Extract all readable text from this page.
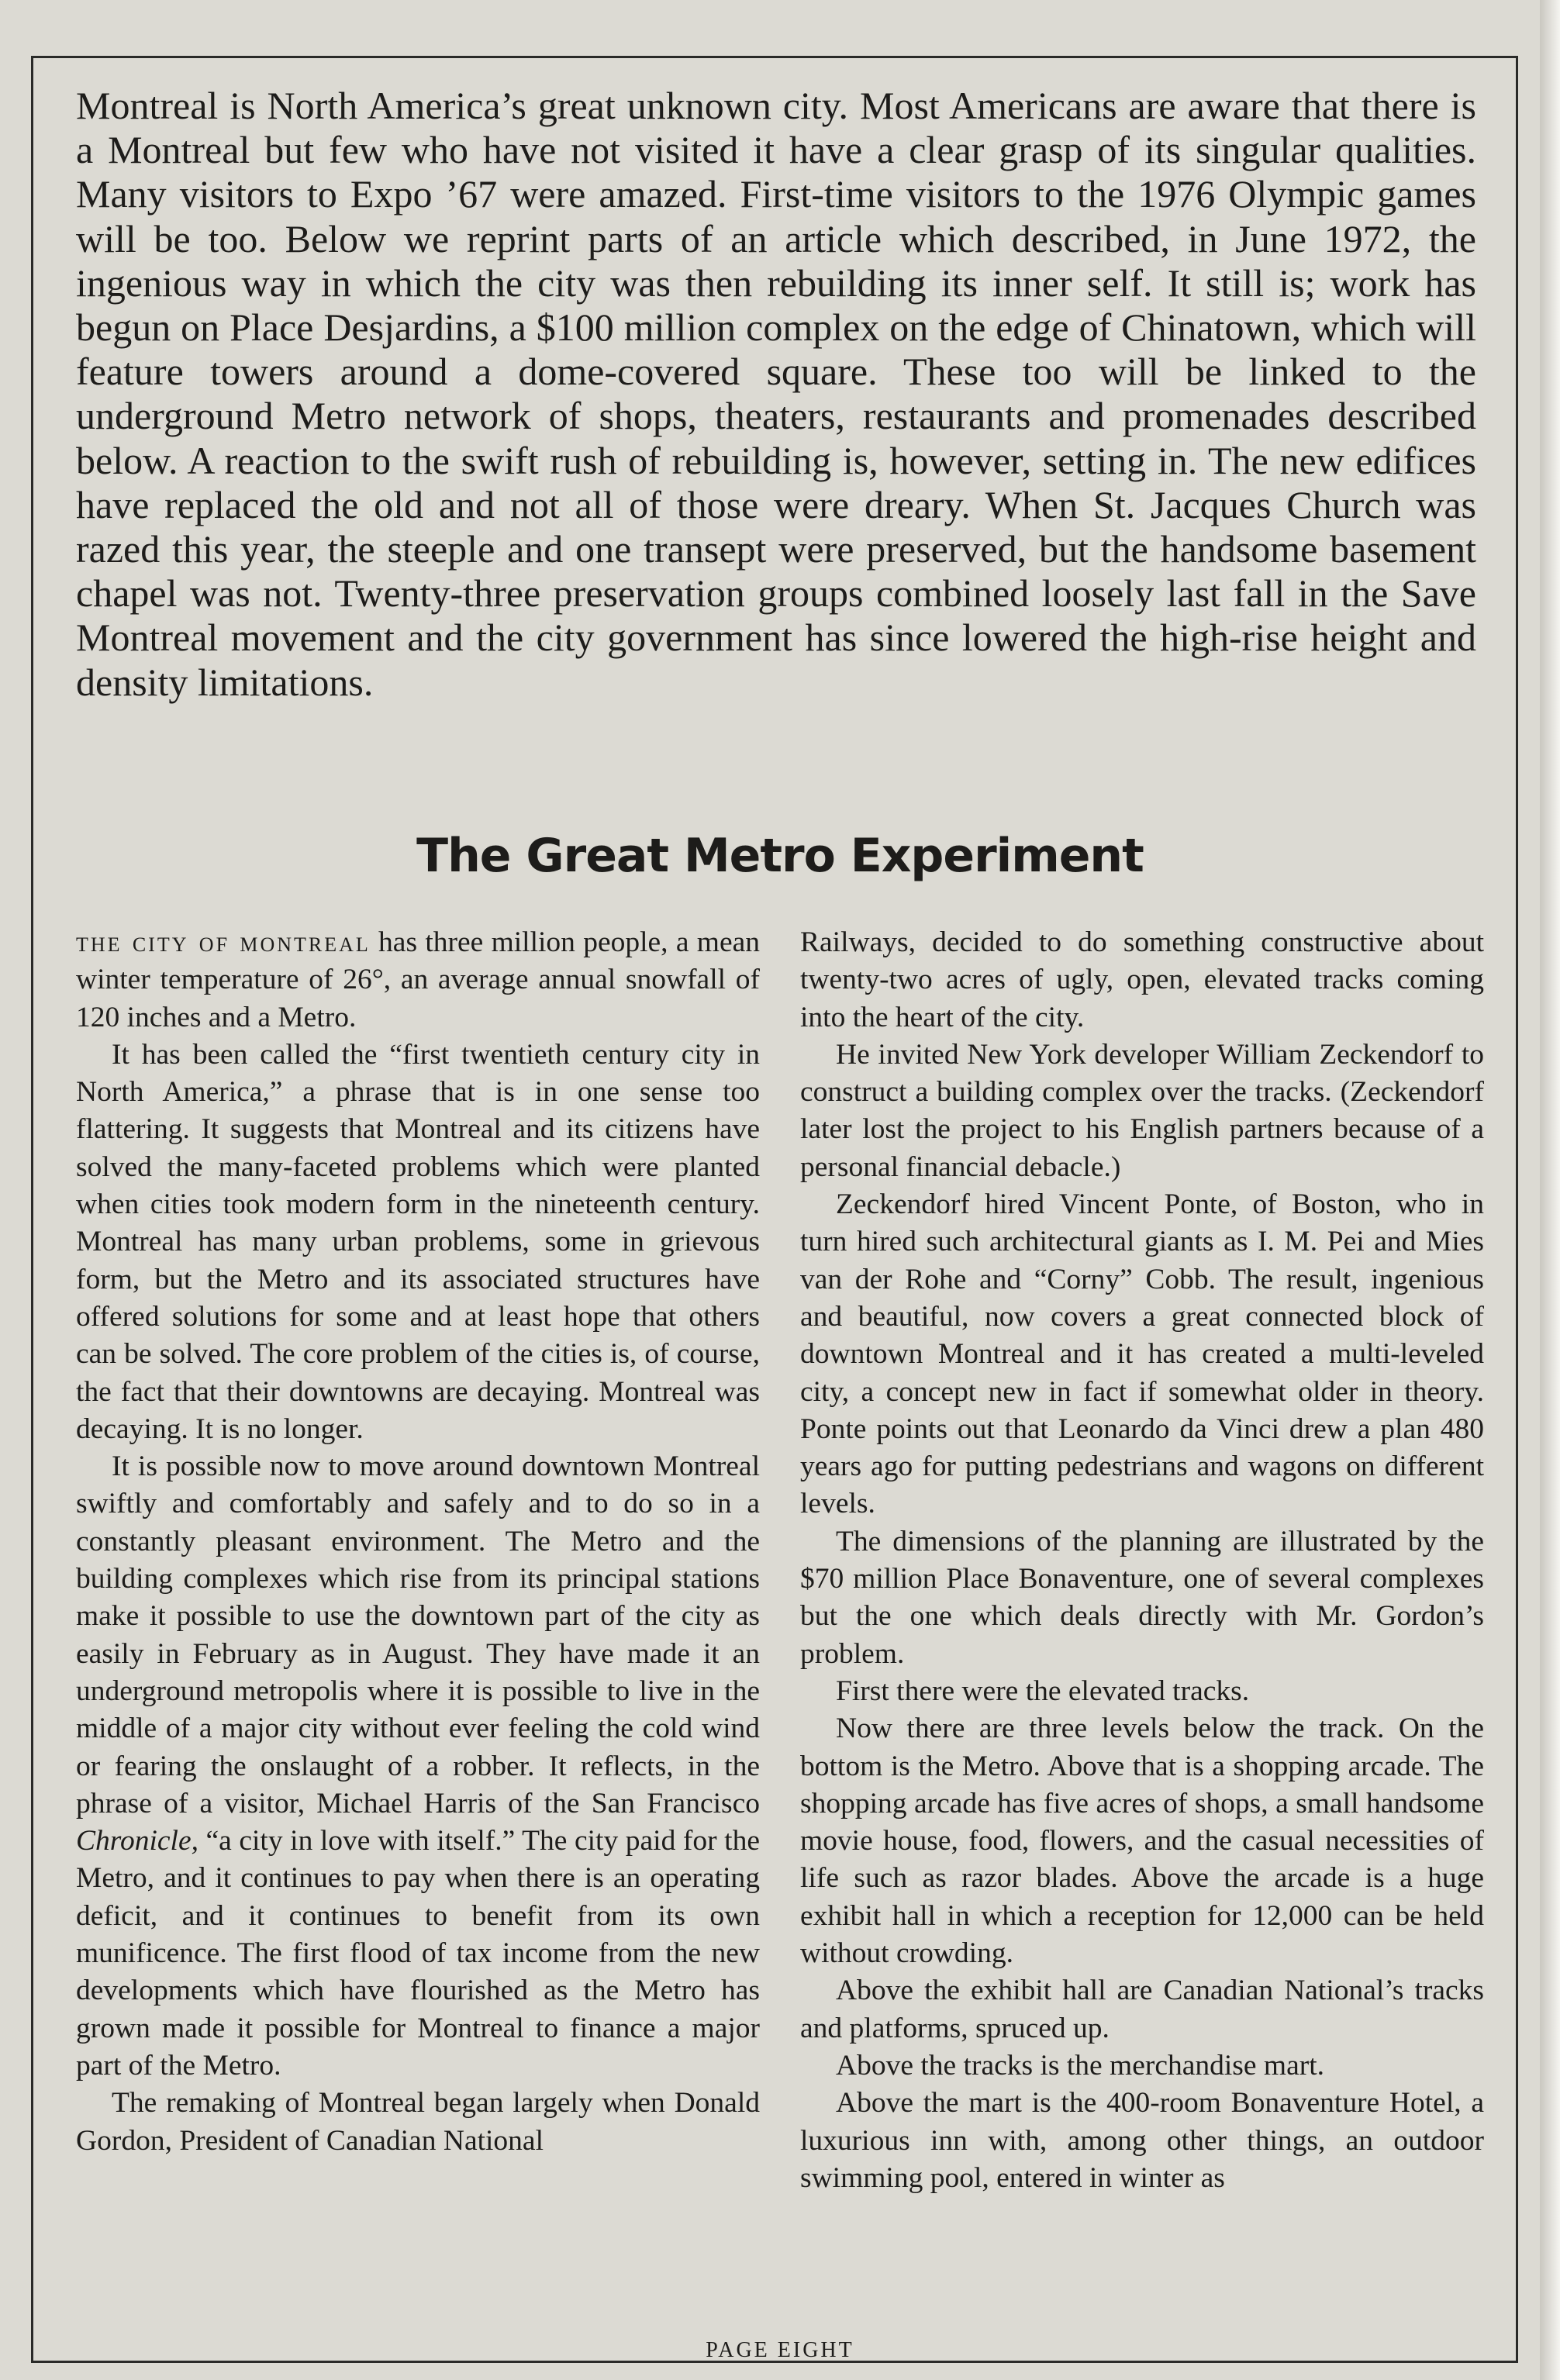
Montreal is North America’s great unknown city. Most Americans are aware that there is a Montreal but few who have not visited it have a clear grasp of its singular qualities. Many visitors to Expo ’67 were amazed. First-time visitors to the 1976 Olympic games will be too. Below we reprint parts of an article which described, in June 1972, the ingenious way in which the city was then rebuilding its inner self. It still is; work has begun on Place Desjardins, a $100 million complex on the edge of Chinatown, which will feature towers around a dome-covered square. These too will be linked to the underground Metro network of shops, theaters, restaurants and promenades described below. A reaction to the swift rush of rebuilding is, however, setting in. The new edifices have replaced the old and not all of those were dreary. When St. Jacques Church was razed this year, the steeple and one transept were preserved, but the handsome basement chapel was not. Twenty-three preservation groups combined loosely last fall in the Save Montreal movement and the city government has since lowered the high-rise height and density limitations.

The Great Metro Experiment

the city of montreal has three million people, a mean winter temperature of 26°, an average annual snowfall of 120 inches and a Metro.

It has been called the “first twentieth century city in North America,” a phrase that is in one sense too flattering. It suggests that Montreal and its citizens have solved the many-faceted problems which were planted when cities took modern form in the nineteenth century. Montreal has many urban problems, some in grievous form, but the Metro and its associated structures have offered solutions for some and at least hope that others can be solved. The core problem of the cities is, of course, the fact that their downtowns are decaying. Montreal was decaying. It is no longer.

It is possible now to move around downtown Montreal swiftly and comfortably and safely and to do so in a constantly pleasant environment. The Metro and the building complexes which rise from its principal stations make it possible to use the downtown part of the city as easily in February as in August. They have made it an underground metropolis where it is possible to live in the middle of a major city without ever feeling the cold wind or fearing the onslaught of a robber. It reflects, in the phrase of a visitor, Michael Harris of the San Francisco Chronicle, “a city in love with itself.” The city paid for the Metro, and it continues to pay when there is an operating deficit, and it continues to benefit from its own munificence. The first flood of tax income from the new developments which have flourished as the Metro has grown made it possible for Montreal to finance a major part of the Metro.

The remaking of Montreal began largely when Donald Gordon, President of Canadian National

Railways, decided to do something constructive about twenty-two acres of ugly, open, elevated tracks coming into the heart of the city.

He invited New York developer William Zeckendorf to construct a building complex over the tracks. (Zeckendorf later lost the project to his English partners because of a personal financial debacle.)

Zeckendorf hired Vincent Ponte, of Boston, who in turn hired such architectural giants as I. M. Pei and Mies van der Rohe and “Corny” Cobb. The result, ingenious and beautiful, now covers a great connected block of downtown Montreal and it has created a multi-leveled city, a concept new in fact if somewhat older in theory. Ponte points out that Leonardo da Vinci drew a plan 480 years ago for putting pedestrians and wagons on different levels.

The dimensions of the planning are illustrated by the $70 million Place Bonaventure, one of several complexes but the one which deals directly with Mr. Gordon’s problem.

First there were the elevated tracks.

Now there are three levels below the track. On the bottom is the Metro. Above that is a shopping arcade. The shopping arcade has five acres of shops, a small handsome movie house, food, flowers, and the casual necessities of life such as razor blades. Above the arcade is a huge exhibit hall in which a reception for 12,000 can be held without crowding.

Above the exhibit hall are Canadian National’s tracks and platforms, spruced up.

Above the tracks is the merchandise mart.

Above the mart is the 400-room Bonaventure Hotel, a luxurious inn with, among other things, an outdoor swimming pool, entered in winter as

PAGE EIGHT
